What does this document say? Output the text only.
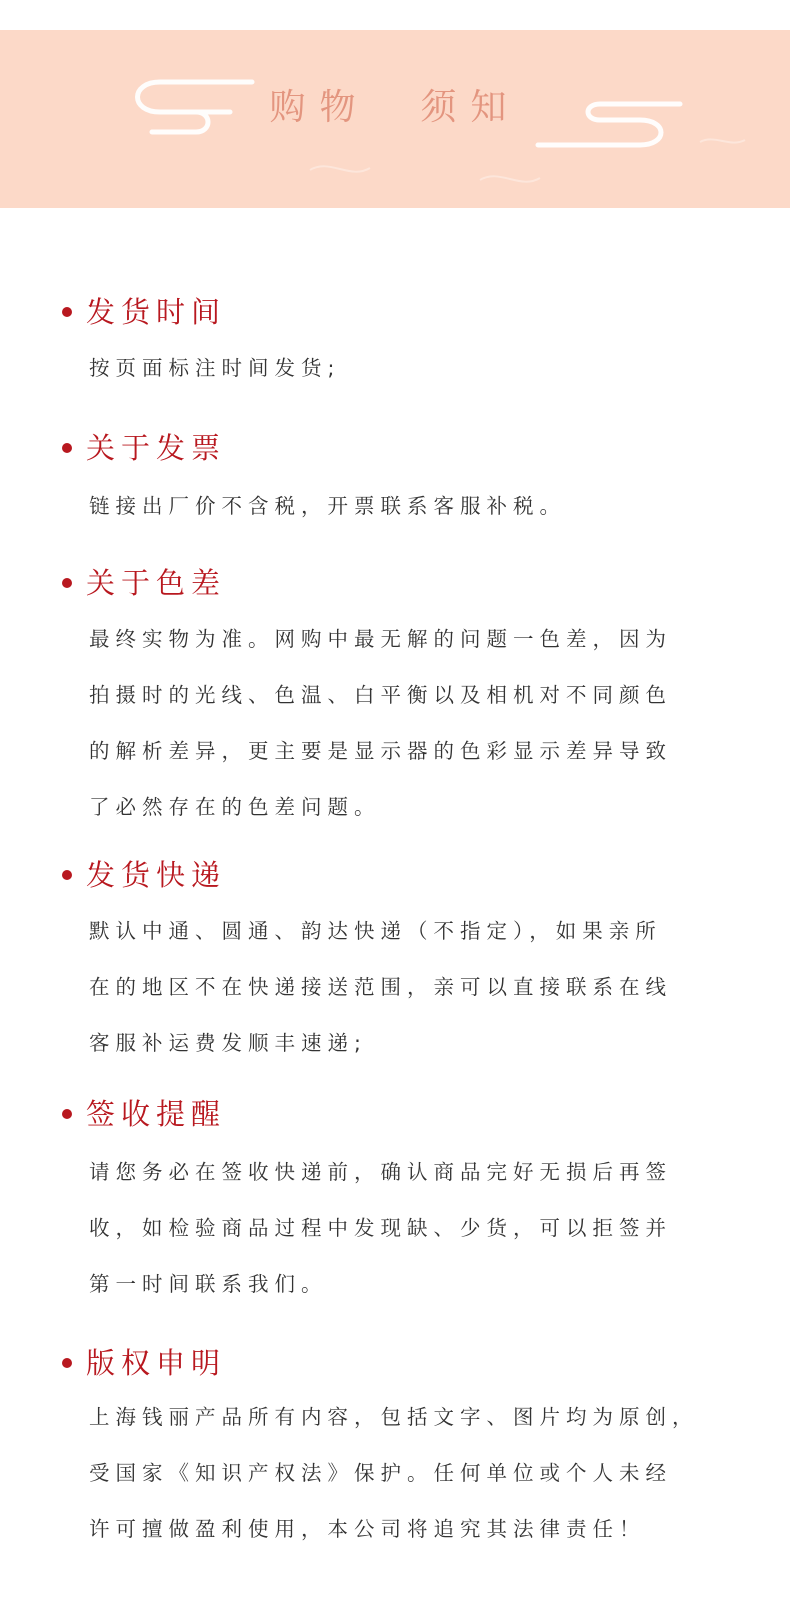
购物  须知
发货时间
按页面标注时间发货;
关于发票
链接出厂价不含税，开票联系客服补税。
关于色差
最终实物为准。网购中最无解的问题一色差，因为
拍摄时的光线、色温、白平衡以及相机对不同颜色
的解析差异，更主要是显示器的色彩显示差异导致
了必然存在的色差问题。
发货快递
默认中通、圆通、韵达快递（不指定），如果亲所
在的地区不在快递接送范围，亲可以直接联系在线
客服补运费发顺丰速递;
签收提醒
请您务必在签收快递前，确认商品完好无损后再签
收，如检验商品过程中发现缺、少货，可以拒签并
第一时间联系我们。
版权申明
上海钱丽产品所有内容，包括文字、图片均为原创，
受国家《知识产权法》保护。任何单位或个人未经
许可擅做盈利使用，本公司将追究其法律责任！
